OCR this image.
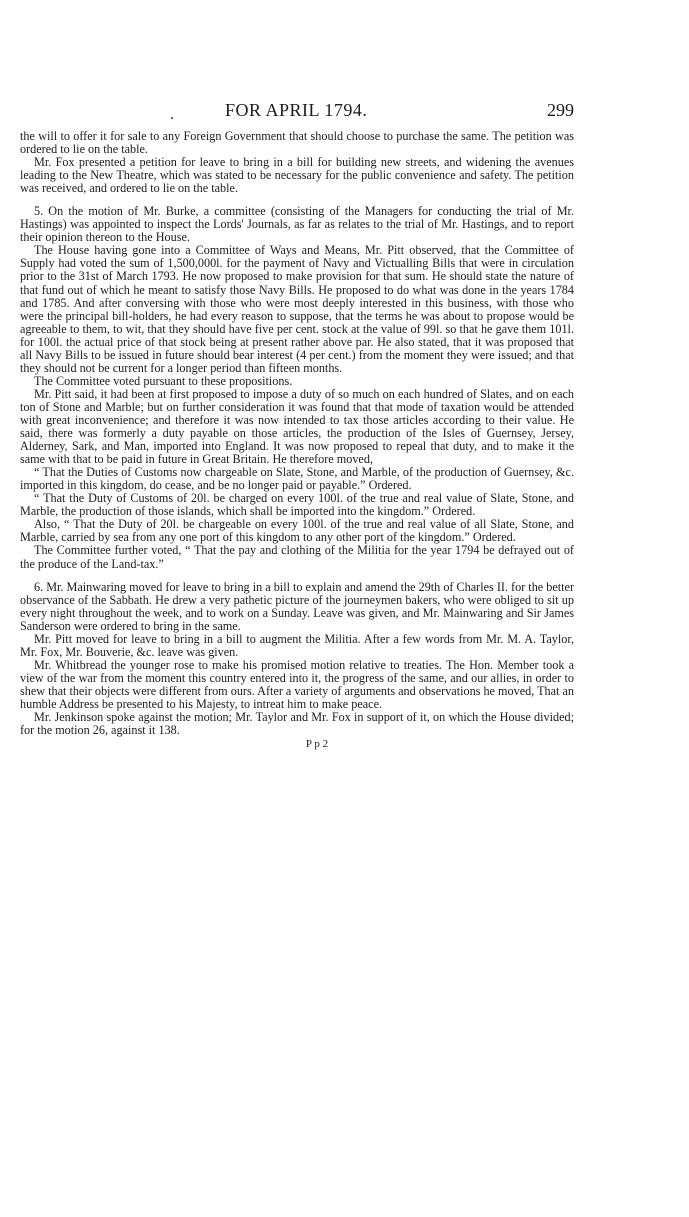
.	FOR APRIL 1794.	299

the will to offer it for sale to any Foreign Government that should choose to purchase the same. The petition was ordered to lie on the table.

Mr. Fox presented a petition for leave to bring in a bill for building new streets, and widening the avenues leading to the New Theatre, which was stated to be necessary for the public convenience and safety. The petition was received, and ordered to lie on the table.

5. On the motion of Mr. Burke, a committee (consisting of the Managers for conducting the trial of Mr. Hastings) was appointed to inspect the Lords' Journals, as far as relates to the trial of Mr. Hastings, and to report their opinion thereon to the House.

The House having gone into a Committee of Ways and Means, Mr. Pitt observed, that the Committee of Supply had voted the sum of 1,500,000l. for the payment of Navy and Victualling Bills that were in circulation prior to the 31st of March 1793. He now proposed to make provision for that sum. He should state the nature of that fund out of which he meant to satisfy those Navy Bills. He proposed to do what was done in the years 1784 and 1785. And after conversing with those who were most deeply interested in this business, with those who were the principal bill-holders, he had every reason to suppose, that the terms he was about to propose would be agreeable to them, to wit, that they should have five per cent. stock at the value of 99l. so that he gave them 101l. for 100l. the actual price of that stock being at present rather above par. He also stated, that it was proposed that all Navy Bills to be issued in future should bear interest (4 per cent.) from the moment they were issued; and that they should not be current for a longer period than fifteen months.

The Committee voted pursuant to these propositions.

Mr. Pitt said, it had been at first proposed to impose a duty of so much on each hundred of Slates, and on each ton of Stone and Marble; but on further consideration it was found that that mode of taxation would be attended with great inconvenience; and therefore it was now intended to tax those articles according to their value. He said, there was formerly a duty payable on those articles, the production of the Isles of Guernsey, Jersey, Alderney, Sark, and Man, imported into England. It was now proposed to repeal that duty, and to make it the same with that to be paid in future in Great Britain. He therefore moved,

“ That the Duties of Customs now chargeable on Slate, Stone, and Marble, of the production of Guernsey, &c. imported in this kingdom, do cease, and be no longer paid or payable.” Ordered.

“ That the Duty of Customs of 20l. be charged on every 100l. of the true and real value of Slate, Stone, and Marble, the production of those islands, which shall be imported into the kingdom.” Ordered.

Also, “ That the Duty of 20l. be chargeable on every 100l. of the true and real value of all Slate, Stone, and Marble, carried by sea from any one port of this kingdom to any other port of the kingdom.” Ordered.

The Committee further voted, “ That the pay and clothing of the Militia for the year 1794 be defrayed out of the produce of the Land-tax.”

6. Mr. Mainwaring moved for leave to bring in a bill to explain and amend the 29th of Charles II. for the better observance of the Sabbath. He drew a very pathetic picture of the journeymen bakers, who were obliged to sit up every night throughout the week, and to work on a Sunday. Leave was given, and Mr. Mainwaring and Sir James Sanderson were ordered to bring in the same.

Mr. Pitt moved for leave to bring in a bill to augment the Militia. After a few words from Mr. M. A. Taylor, Mr. Fox, Mr. Bouverie, &c. leave was given.

Mr. Whitbread the younger rose to make his promised motion relative to treaties. The Hon. Member took a view of the war from the moment this country entered into it, the progress of the same, and our allies, in order to shew that their objects were different from ours. After a variety of arguments and observations he moved, That an humble Address be presented to his Majesty, to intreat him to make peace.

Mr. Jenkinson spoke against the motion; Mr. Taylor and Mr. Fox in support of it, on which the House divided; for the motion 26, against it 138.

P p 2
